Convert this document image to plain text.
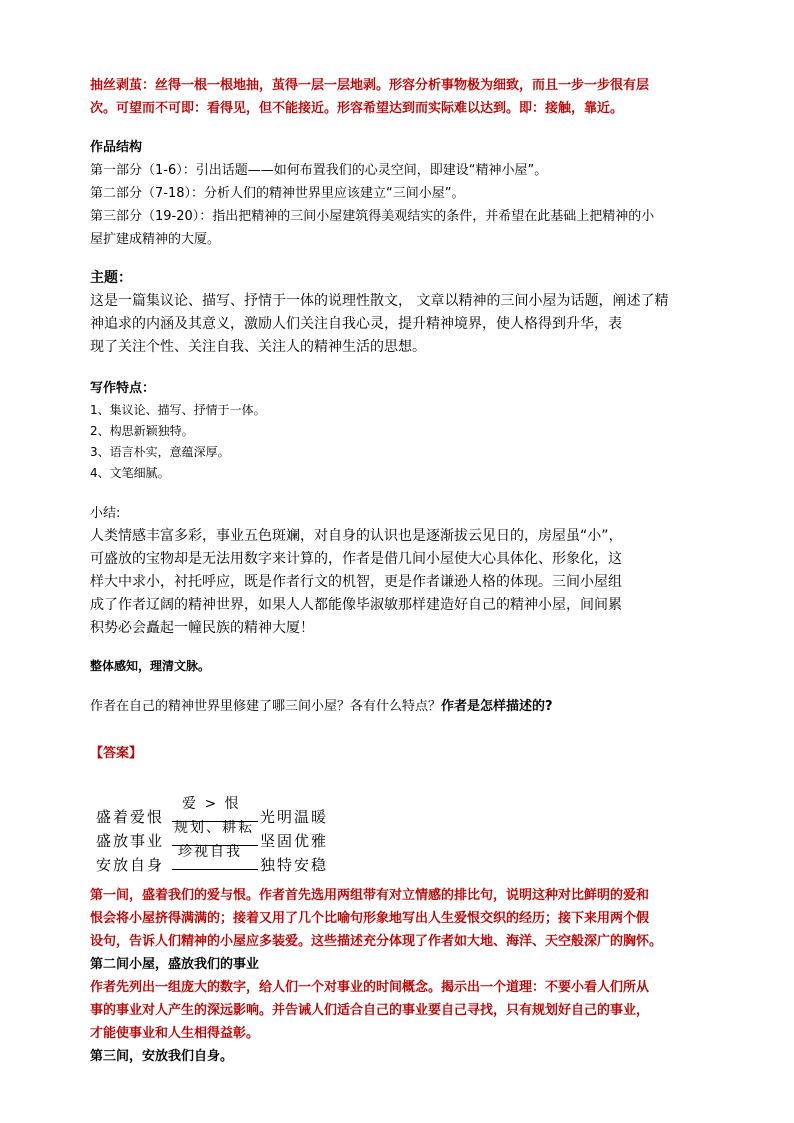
抽丝剥茧：丝得一根一根地抽，茧得一层一层地剥。形容分析事物极为细致，而且一步一步很有层

次。可望而不可即：看得见，但不能接近。形容希望达到而实际难以达到。即：接触，靠近。

作品结构

第一部分（1-6）：引出话题——如何布置我们的心灵空间，即建设“精神小屋”。

第二部分（7-18）：分析人们的精神世界里应该建立“三间小屋”。

第三部分（19-20）：指出把精神的三间小屋建筑得美观结实的条件，并希望在此基础上把精神的小

屋扩建成精神的大厦。

主题：

这是一篇集议论、描写、抒情于一体的说理性散文， 文章以精神的三间小屋为话题，阐述了精

神追求的内涵及其意义，激励人们关注自我心灵，提升精神境界，使人格得到升华，表

现了关注个性、关注自我、关注人的精神生活的思想。

写作特点：

1、集议论、描写、抒情于一体。

2、构思新颖独特。

3、语言朴实，意蕴深厚。

4、文笔细腻。

小结:

人类情感丰富多彩，事业五色斑斓，对自身的认识也是逐渐拔云见日的，房屋虽“小”，

可盛放的宝物却是无法用数字来计算的，作者是借几间小屋使大心具体化、形象化，这

样大中求小，衬托呼应，既是作者行文的机智，更是作者谦逊人格的体现。三间小屋组

成了作者辽阔的精神世界，如果人人都能像毕淑敏那样建造好自己的精神小屋，间间累

积势必会矗起一幢民族的精神大厦！

整体感知，理清文脉。

作者在自己的精神世界里修建了哪三间小屋？各有什么特点？作者是怎样描述的?

【答案】
盛着爱恨
爱 > 恨
光明温暖
盛放事业
规划、耕耘
坚固优雅
安放自身
珍视自我
独特安稳

第一间，盛着我们的爱与恨。作者首先选用两组带有对立情感的排比句，说明这种对比鲜明的爱和

恨会将小屋挤得满满的；接着又用了几个比喻句形象地写出人生爱恨交织的经历；接下来用两个假

设句，告诉人们精神的小屋应多装爱。这些描述充分体现了作者如大地、海洋、天空般深广的胸怀。

第二间小屋，盛放我们的事业

作者先列出一组庞大的数字，给人们一个对事业的时间概念。揭示出一个道理：不要小看人们所从

事的事业对人产生的深远影响。并告诫人们适合自己的事业要自己寻找，只有规划好自己的事业，

才能使事业和人生相得益彰。

第三间，安放我们自身。
